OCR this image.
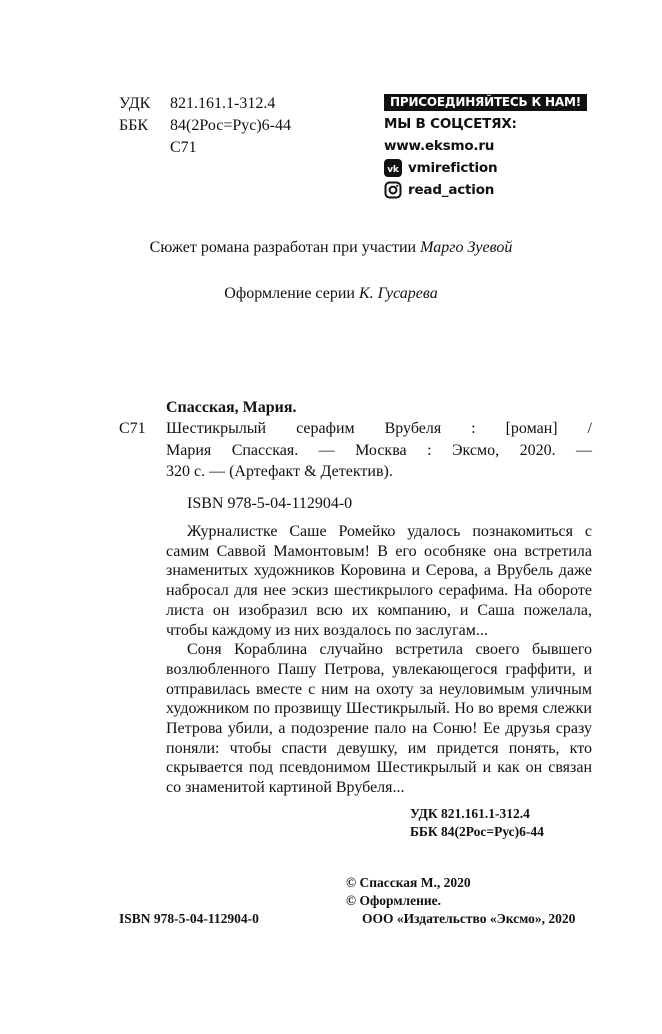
УДК	821.161.1-312.4
ББК	84(2Рос=Рус)6-44
С71
ПРИСОЕДИНЯЙТЕСЬ К НАМ!
МЫ В СОЦСЕТЯХ:
www.eksmo.ru
vk vmirefiction
read_action
Сюжет романа разработан при участии Марго Зуевой
Оформление серии К. Гусарева
Спасская, Мария.
С71 Шестикрылый серафим Врубеля : [роман] /
Мария Спасская. — Москва : Эксмо, 2020. —
320 с. — (Артефакт & Детектив).
ISBN 978-5-04-112904-0

Журналистке Саше Ромейко удалось познакомиться с самим Саввой Мамонтовым! В его особняке она встретила знаменитых художников Коровина и Серова, а Врубель даже набросал для нее эскиз шестикрылого серафима. На обороте листа он изобразил всю их компанию, и Саша пожелала, чтобы каждому из них воздалось по заслугам...

Соня Кораблина случайно встретила своего бывшего возлюбленного Пашу Петрова, увлекающегося граффити, и отправилась вместе с ним на охоту за неуловимым уличным художником по прозвищу Шестикрылый. Но во время слежки Петрова убили, а подозрение пало на Соню! Ее друзья сразу поняли: чтобы спасти девушку, им придется понять, кто скрывается под псевдонимом Шестикрылый и как он связан со знаменитой картиной Врубеля...

УДК 821.161.1-312.4
ББК 84(2Рос=Рус)6-44
© Спасская М., 2020
© Оформление.
ISBN 978-5-04-112904-0	ООО «Издательство «Эксмо», 2020
